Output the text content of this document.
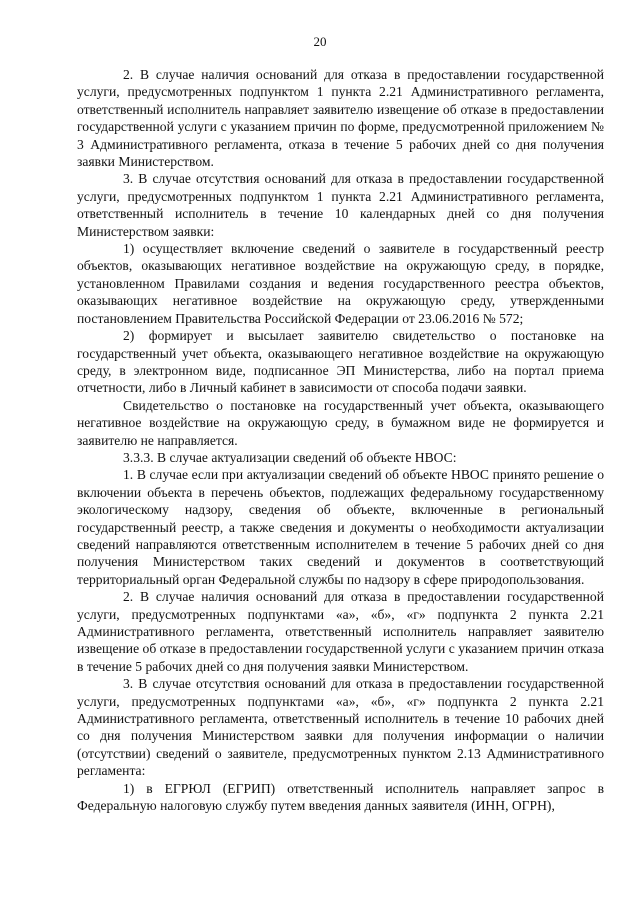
20

2. В случае наличия оснований для отказа в предоставлении государственной услуги, предусмотренных подпунктом 1 пункта 2.21 Административного регламента, ответственный исполнитель направляет заявителю извещение об отказе в предоставлении государственной услуги с указанием причин по форме, предусмотренной приложением № 3 Административного регламента, отказа в течение 5 рабочих дней со дня получения заявки Министерством.

3. В случае отсутствия оснований для отказа в предоставлении государственной услуги, предусмотренных подпунктом 1 пункта 2.21 Административного регламента, ответственный исполнитель в течение 10 календарных дней со дня получения Министерством заявки:

1) осуществляет включение сведений о заявителе в государственный реестр объектов, оказывающих негативное воздействие на окружающую среду, в порядке, установленном Правилами создания и ведения государственного реестра объектов, оказывающих негативное воздействие на окружающую среду, утвержденными постановлением Правительства Российской Федерации от 23.06.2016 № 572;

2) формирует и высылает заявителю свидетельство о постановке на государственный учет объекта, оказывающего негативное воздействие на окружающую среду, в электронном виде, подписанное ЭП Министерства, либо на портал приема отчетности, либо в Личный кабинет в зависимости от способа подачи заявки.

Свидетельство о постановке на государственный учет объекта, оказывающего негативное воздействие на окружающую среду, в бумажном виде не формируется и заявителю не направляется.

3.3.3. В случае актуализации сведений об объекте НВОС:

1. В случае если при актуализации сведений об объекте НВОС принято решение о включении объекта в перечень объектов, подлежащих федеральному государственному экологическому надзору, сведения об объекте, включенные в региональный государственный реестр, а также сведения и документы о необходимости актуализации сведений направляются ответственным исполнителем в течение 5 рабочих дней со дня получения Министерством таких сведений и документов в соответствующий территориальный орган Федеральной службы по надзору в сфере природопользования.

2. В случае наличия оснований для отказа в предоставлении государственной услуги, предусмотренных подпунктами «а», «б», «г» подпункта 2 пункта 2.21 Административного регламента, ответственный исполнитель направляет заявителю извещение об отказе в предоставлении государственной услуги с указанием причин отказа в течение 5 рабочих дней со дня получения заявки Министерством.

3. В случае отсутствия оснований для отказа в предоставлении государственной услуги, предусмотренных подпунктами «а», «б», «г» подпункта 2 пункта 2.21 Административного регламента, ответственный исполнитель в течение 10 рабочих дней со дня получения Министерством заявки для получения информации о наличии (отсутствии) сведений о заявителе, предусмотренных пунктом 2.13 Административного регламента:

1) в ЕГРЮЛ (ЕГРИП) ответственный исполнитель направляет запрос в Федеральную налоговую службу путем введения данных заявителя (ИНН, ОГРН),
